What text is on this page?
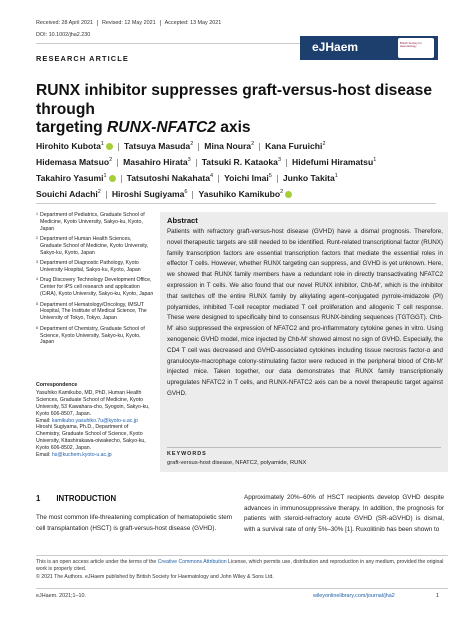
Received: 28 April 2021 Revised: 12 May 2021 Accepted: 13 May 2021
DOI: 10.1002/jha2.230
eJHaem	British Society for Haematology
RESEARCH ARTICLE
RUNX inhibitor suppresses graft-versus-host disease through
targeting RUNX-NFATC2 axis
Hirohito Kubota$^1$ Tatsuya Masuda$^2$ Mina Noura$^2$ Kana Furuichi$^2$
Hidemasa Matsuo$^2$ Masahiro Hirata$^3$ Tatsuki R. Kataoka$^3$ Hidefumi Hiramatsu$^1$
Takahiro Yasumi$^1$ Tatsutoshi Nakahata$^4$ Yoichi Imai$^5$ Junko Takita$^1$
Souichi Adachi$^2$ Hiroshi Sugiyama$^6$ Yasuhiko Kamikubo$^2$
1 Department of Pediatrics, Graduate School of Medicine, Kyoto University, Sakyo-ku, Kyoto, Japan
2 Department of Human Health Sciences, Graduate School of Medicine, Kyoto University, Sakyo-ku, Kyoto, Japan
3 Department of Diagnostic Pathology, Kyoto University Hospital, Sakyo-ku, Kyoto, Japan
4 Drug Discovery Technology Development Office, Center for iPS cell research and application (CiRA), Kyoto University, Sakyo-ku, Kyoto, Japan
5 Department of Hematology/Oncology, IMSUT Hospital, The Institute of Medical Science, The University of Tokyo, Tokyo, Japan
6 Department of Chemistry, Graduate School of Science, Kyoto University, Sakyo-ku, Kyoto, Japan
Correspondence
Yasuhiko Kamikubo, MD, PhD, Human Health Sciences, Graduate School of Medicine, Kyoto University, 53 Kawahara-cho, Syogoin, Sakyo-ku, Kyoto 606-8507, Japan.
Email: kamikubo.yasuhiko.7u@kyoto-u.ac.jp
Hiroshi Sugiyama, Ph.D., Department of Chemistry, Graduate School of Science, Kyoto University, Kitashirakawa-oiwakecho, Sakyo-ku, Kyoto 606-8502, Japan.
Email: hs@kuchem.kyoto-u.ac.jp
Abstract
Patients with refractory graft-versus-host disease (GVHD) have a dismal prognosis. Therefore, novel therapeutic targets are still needed to be identified. Runt-related transcriptional factor (RUNX) family transcription factors are essential transcription factors that mediate the essential roles in effector T cells. However, whether RUNX targeting can suppress, and GVHD is yet unknown. Here, we showed that RUNX family members have a redundant role in directly transactivating NFATC2 expression in T cells. We also found that our novel RUNX inhibitor, Chb-M', which is the inhibitor that switches off the entire RUNX family by alkylating agent–conjugated pyrrole-imidazole (PI) polyamides, inhibited T-cell receptor mediated T cell proliferation and allogenic T cell response. These were designed to specifically bind to consensus RUNX-binding sequences (TGTGGT). Chb-M' also suppressed the expression of NFATC2 and pro-inflammatory cytokine genes in vitro. Using xenogeneic GVHD model, mice injected by Chb-M' showed almost no sign of GVHD. Especially, the CD4 T cell was decreased and GVHD-associated cytokines including tissue necrosis factor-α and granulocyte-macrophage colony-stimulating factor were reduced in the peripheral blood of Chb-M' injected mice. Taken together, our data demonstrates that RUNX family transcriptionally upregulates NFATC2 in T cells, and RUNX-NFATC2 axis can be a novel therapeutic target against GVHD.
KEYWORDS
graft-versus-host disease, NFATC2, polyamide, RUNX
1 INTRODUCTION
The most common life-threatening complication of hematopoietic stem cell transplantation (HSCT) is graft-versus-host disease (GVHD).
Approximately 20%–60% of HSCT recipients develop GVHD despite advances in immunosuppressive therapy. In addition, the prognosis for patients with steroid-refractory acute GVHD (SR-aGVHD) is dismal, with a survival rate of only 5%–30% [1]. Ruxolitinib has been shown to
This is an open access article under the terms of the Creative Commons Attribution License, which permits use, distribution and reproduction in any medium, provided the original work is properly cited.
© 2021 The Authors. eJHaem published by British Society for Haematology and John Wiley & Sons Ltd.
eJHaem. 2021;1–10.	wileyonlinelibrary.com/journal/jha2	1
